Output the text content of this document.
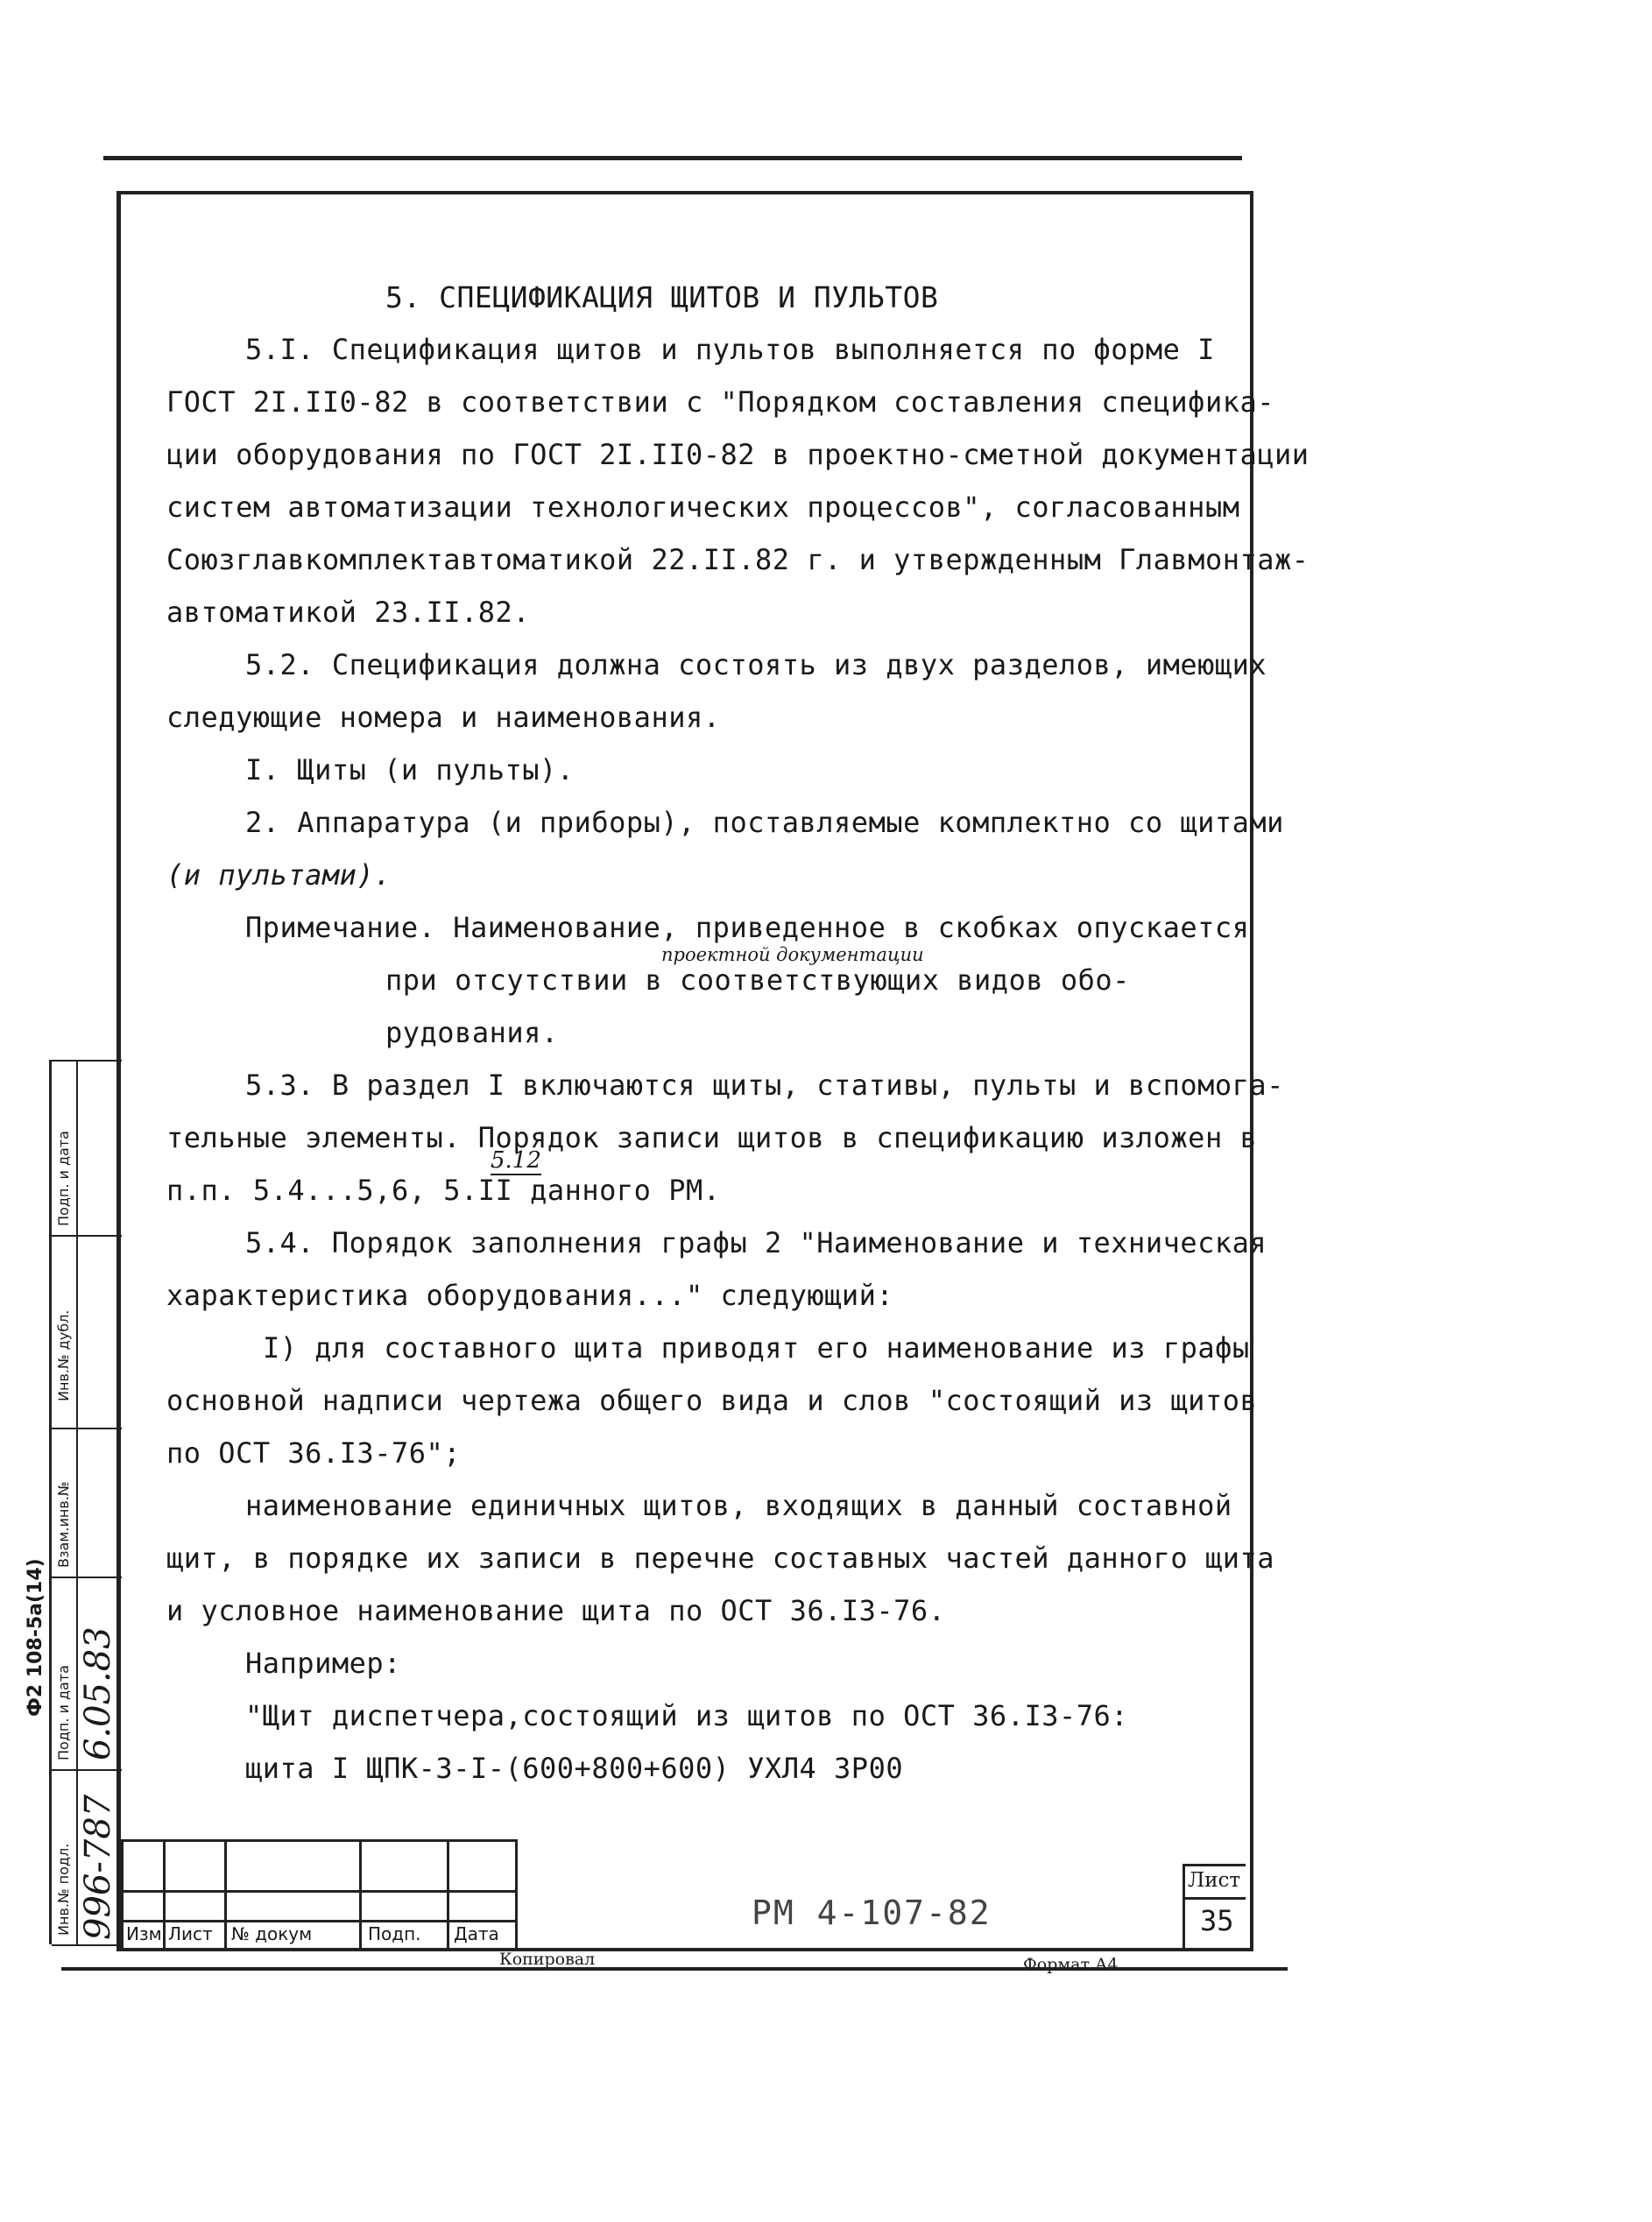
5. СПЕЦИФИКАЦИЯ ЩИТОВ И ПУЛЬТОВ
5.I. Спецификация щитов и пультов выполняется по форме I
ГОСТ 2I.II0-82 в соответствии с "Порядком составления специфика-
ции оборудования по ГОСТ 2I.II0-82 в проектно-сметной документации
систем автоматизации технологических процессов", согласованным
Союзглавкомплектавтоматикой 22.II.82 г. и утвержденным Главмонтаж-
автоматикой 23.II.82.
5.2. Спецификация должна состоять из двух разделов, имеющих
следующие номера и наименования.
I. Щиты (и пульты).
2. Аппаратура (и приборы), поставляемые комплектно со щитами
(и пультами).
Примечание. Наименование, приведенное в скобках опускается
проектной документации
при отсутствии в соответствующих видов обо-
рудования.
5.3. В раздел I включаются щиты, стативы, пульты и вспомога-
тельные элементы. Порядок записи щитов в спецификацию изложен в
5.12
п.п. 5.4...5,6, 5.II данного РМ.
5.4. Порядок заполнения графы 2 "Наименование и техническая
характеристика оборудования..." следующий:
I) для составного щита приводят его наименование из графы
основной надписи чертежа общего вида и слов "состоящий из щитов
по ОСТ 36.I3-76";
наименование единичных щитов, входящих в данный составной
щит, в порядке их записи в перечне составных частей данного щита
и условное наименование щита по ОСТ 36.I3-76.
Например:
"Щит диспетчера,состоящий из щитов по ОСТ 36.I3-76:
щита I ЩПК-3-I-(600+800+600) УХЛ4 3Р00
Изм Лист № докум	Подп. Дата
РМ 4-107-82
Лист
35
Копировал	Формат А4
Подп. и дата
Инв.№ дубл.
Взам.инв.№
Подп. и дата
Инв.№ подл.
6.05.83
996-787
Ф2 108-5а(14)
